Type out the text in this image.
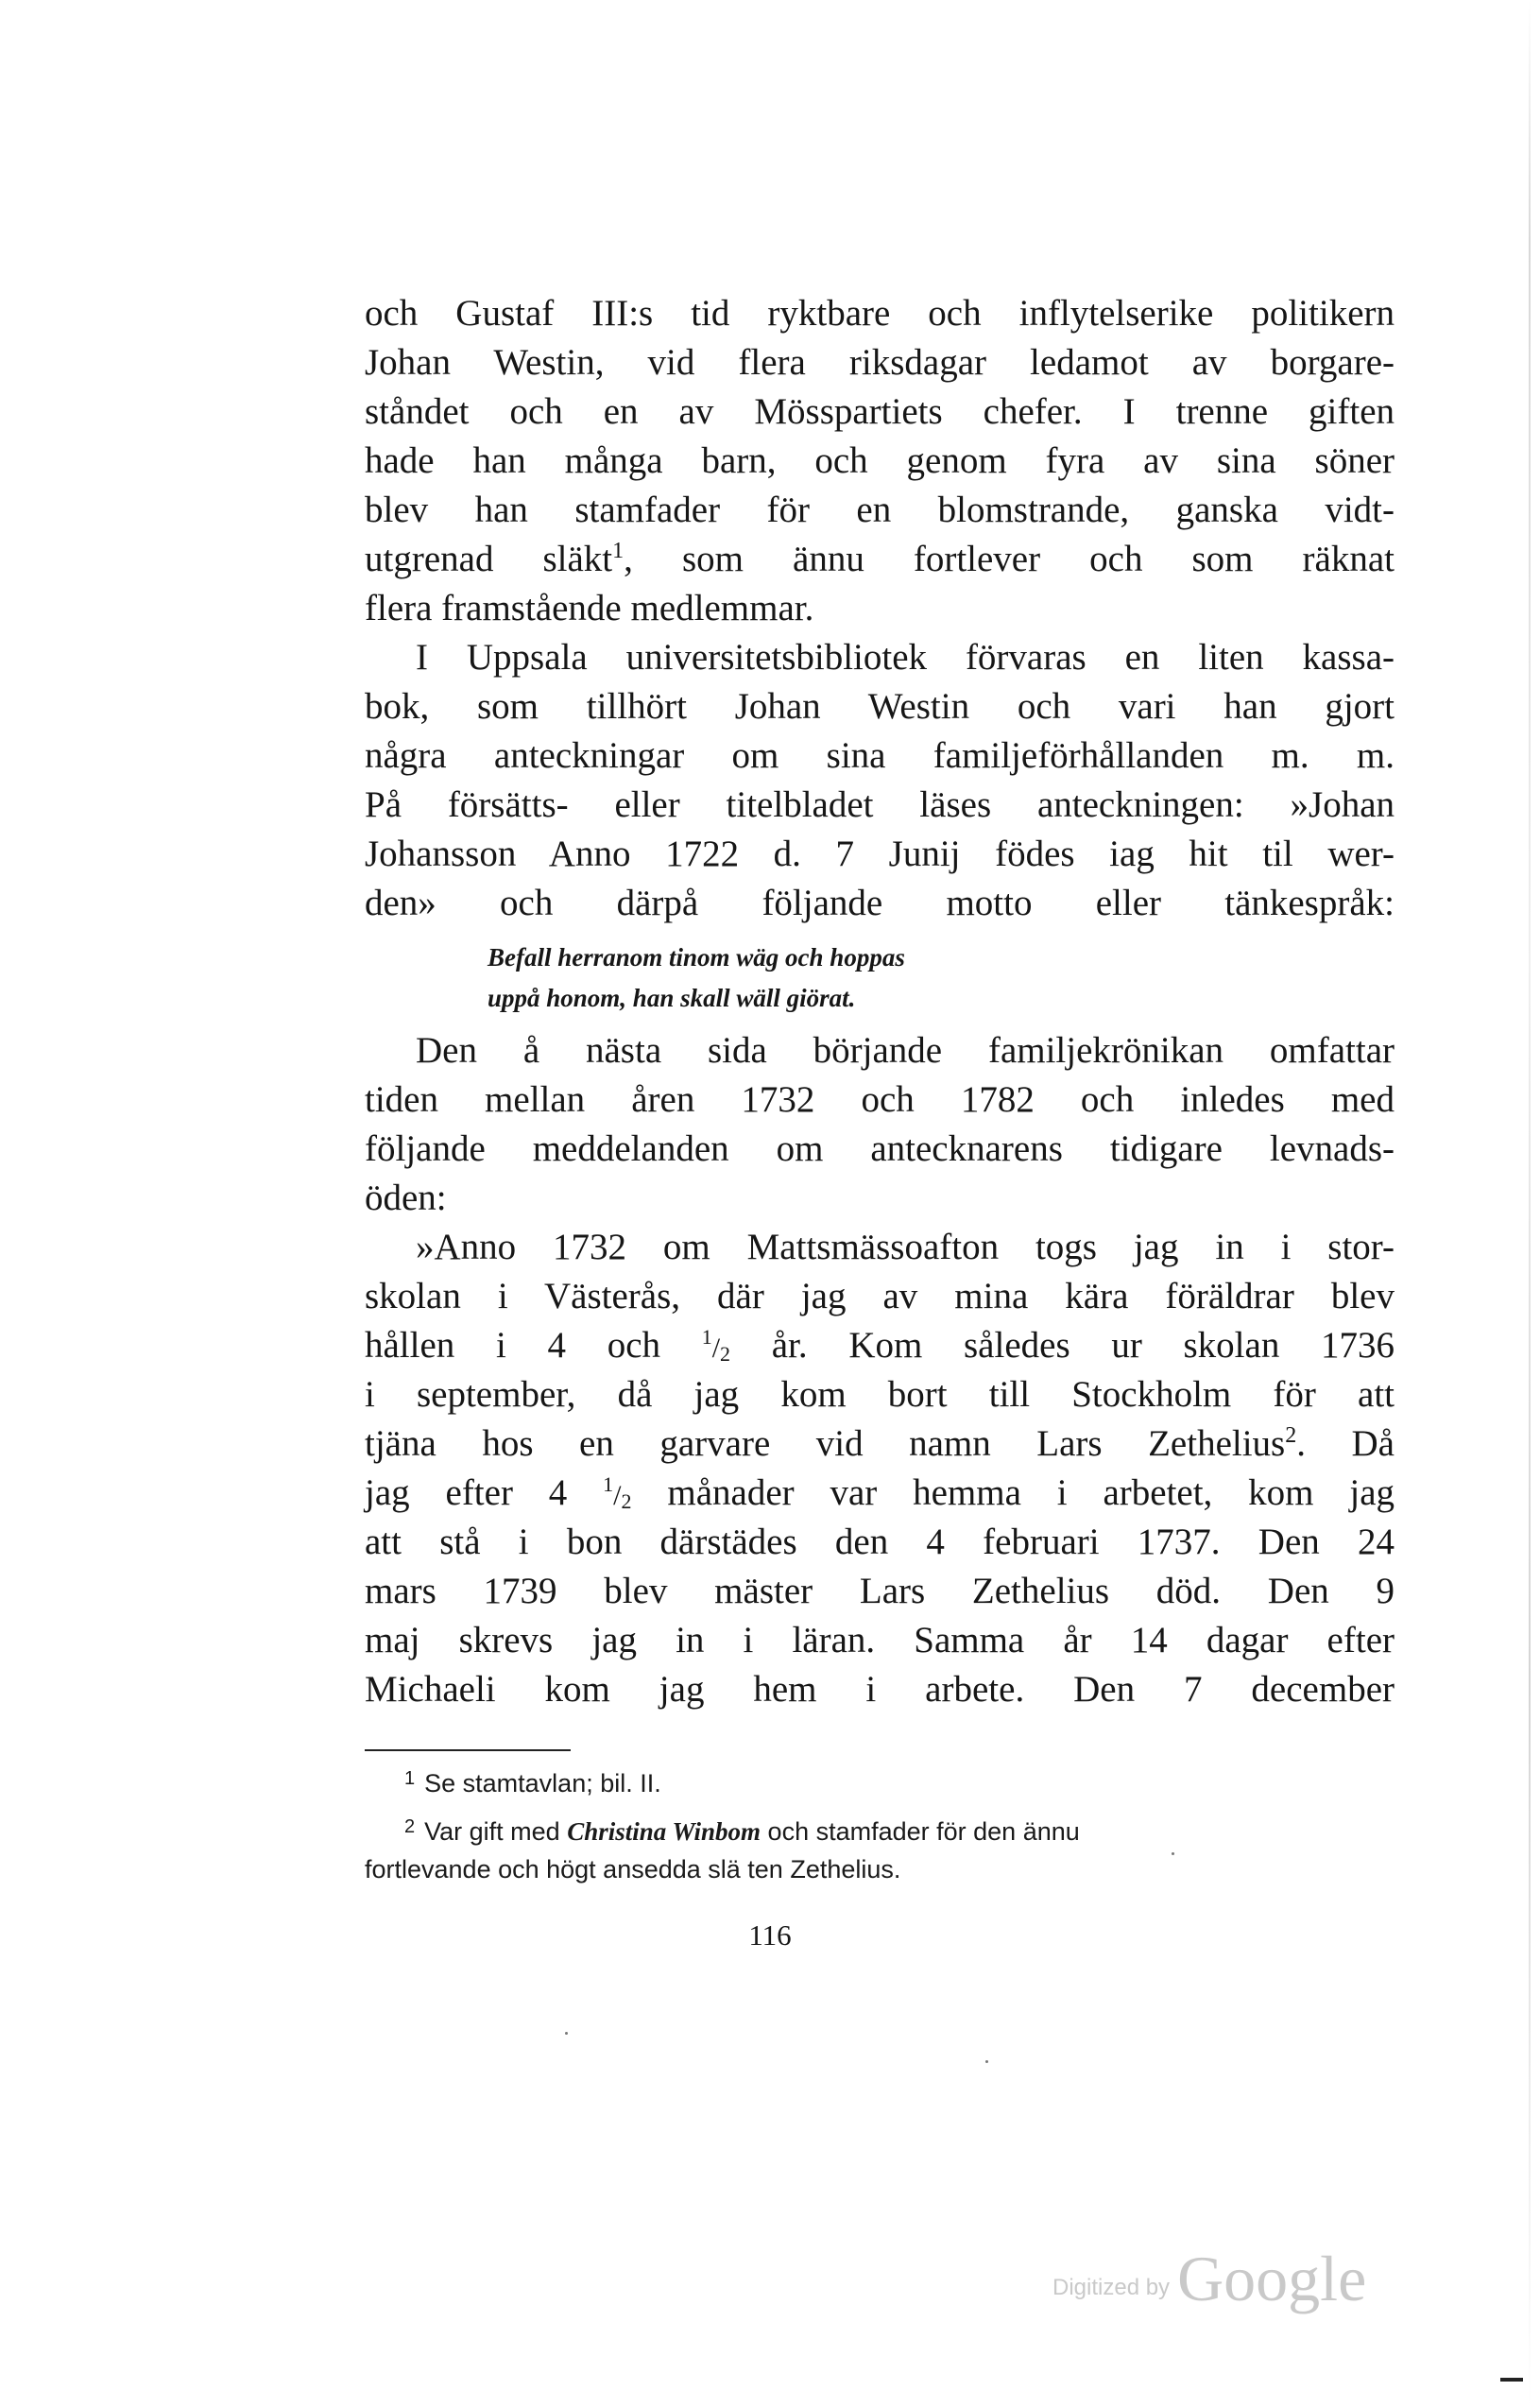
och Gustaf III:s tid ryktbare och inflytelserike politikern
Johan Westin, vid flera riksdagar ledamot av borgare-
ståndet och en av Mösspartiets chefer. I trenne giften
hade han många barn, och genom fyra av sina söner
blev han stamfader för en blomstrande, ganska vidt-
utgrenad släkt$^1$, som ännu fortlever och som räknat
flera framstående medlemmar.
I Uppsala universitetsbibliotek förvaras en liten kassa-
bok, som tillhört Johan Westin och vari han gjort
några anteckningar om sina familjeförhållanden m. m.
På försätts- eller titelbladet läses anteckningen: »Johan
Johansson Anno 1722 d. 7 Junij födes iag hit til wer-
den» och därpå följande motto eller tänkespråk:
Befall herranom tinom wäg och hoppas
uppå honom, han skall wäll giörat.
Den å nästa sida börjande familjekrönikan omfattar
tiden mellan åren 1732 och 1782 och inledes med
följande meddelanden om antecknarens tidigare levnads-
öden:
»Anno 1732 om Mattsmässoafton togs jag in i stor-
skolan i Västerås, där jag av mina kära föräldrar blev
hållen i 4 och $^1$/2 år. Kom således ur skolan 1736
i september, då jag kom bort till Stockholm för att
tjäna hos en garvare vid namn Lars Zethelius$^2$. Då
jag efter 4 $^1$/2 månader var hemma i arbetet, kom jag
att stå i bon därstädes den 4 februari 1737. Den 24
mars 1739 blev mäster Lars Zethelius död. Den 9
maj skrevs jag in i läran. Samma år 14 dagar efter
Michaeli kom jag hem i arbete. Den 7 december
$^1$ Se stamtavlan; bil. II.
$^2$ Var gift med Christina Winbom och stamfader för den ännu
fortlevande och högt ansedda slä ten Zethelius.
116
Digitized by Google
